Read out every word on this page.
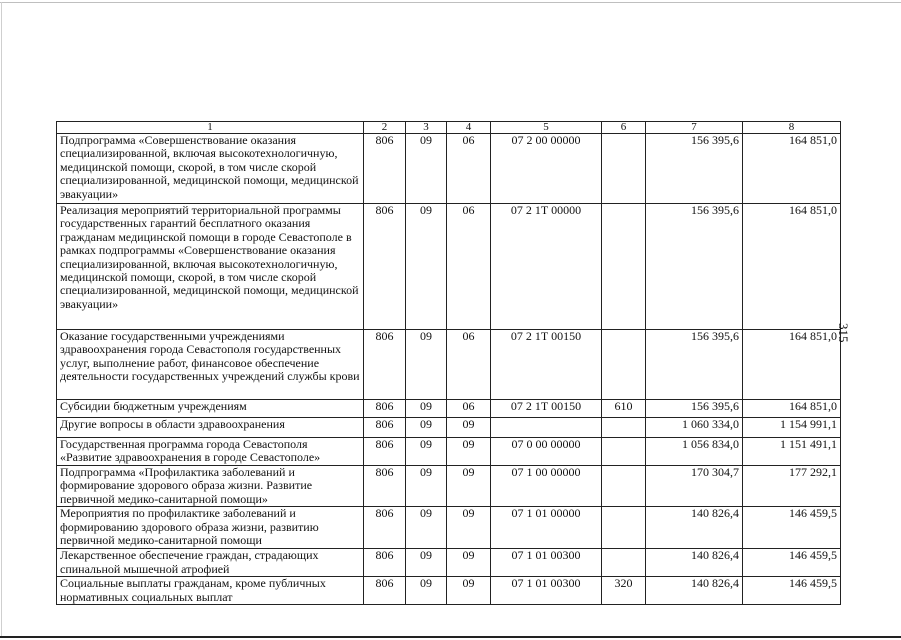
1	2	3	4	5	6	7	8
Подпрограмма «Совершенствование оказания специализированной, включая высокотехнологичную, медицинской помощи, скорой, в том числе скорой специализированной, медицинской помощи, медицинской эвакуации»	806	09	06	07 2 00 00000		156 395,6	164 851,0
Реализация мероприятий территориальной программы государственных гарантий бесплатного оказания гражданам медицинской помощи в городе Севастополе в рамках подпрограммы «Совершенствование оказания специализированной, включая высокотехнологичную, медицинской помощи, скорой, в том числе скорой специализированной, медицинской помощи, медицинской эвакуации»	806	09	06	07 2 1Т 00000		156 395,6	164 851,0
Оказание государственными учреждениями здравоохранения города Севастополя государственных услуг, выполнение работ, финансовое обеспечение деятельности государственных учреждений службы крови	806	09	06	07 2 1Т 00150		156 395,6	164 851,0
Субсидии бюджетным учреждениям	806	09	06	07 2 1Т 00150	610	156 395,6	164 851,0
Другие вопросы в области здравоохранения	806	09	09			1 060 334,0	1 154 991,1
Государственная программа города Севастополя «Развитие здравоохранения в городе Севастополе»	806	09	09	07 0 00 00000		1 056 834,0	1 151 491,1
Подпрограмма «Профилактика заболеваний и формирование здорового образа жизни. Развитие первичной медико-санитарной помощи»	806	09	09	07 1 00 00000		170 304,7	177 292,1
Мероприятия по профилактике заболеваний и формированию здорового образа жизни, развитию первичной медико-санитарной помощи	806	09	09	07 1 01 00000		140 826,4	146 459,5
Лекарственное обеспечение граждан, страдающих спинальной мышечной атрофией	806	09	09	07 1 01 00300		140 826,4	146 459,5
Социальные выплаты гражданам, кроме публичных нормативных социальных выплат	806	09	09	07 1 01 00300	320	140 826,4	146 459,5
315
